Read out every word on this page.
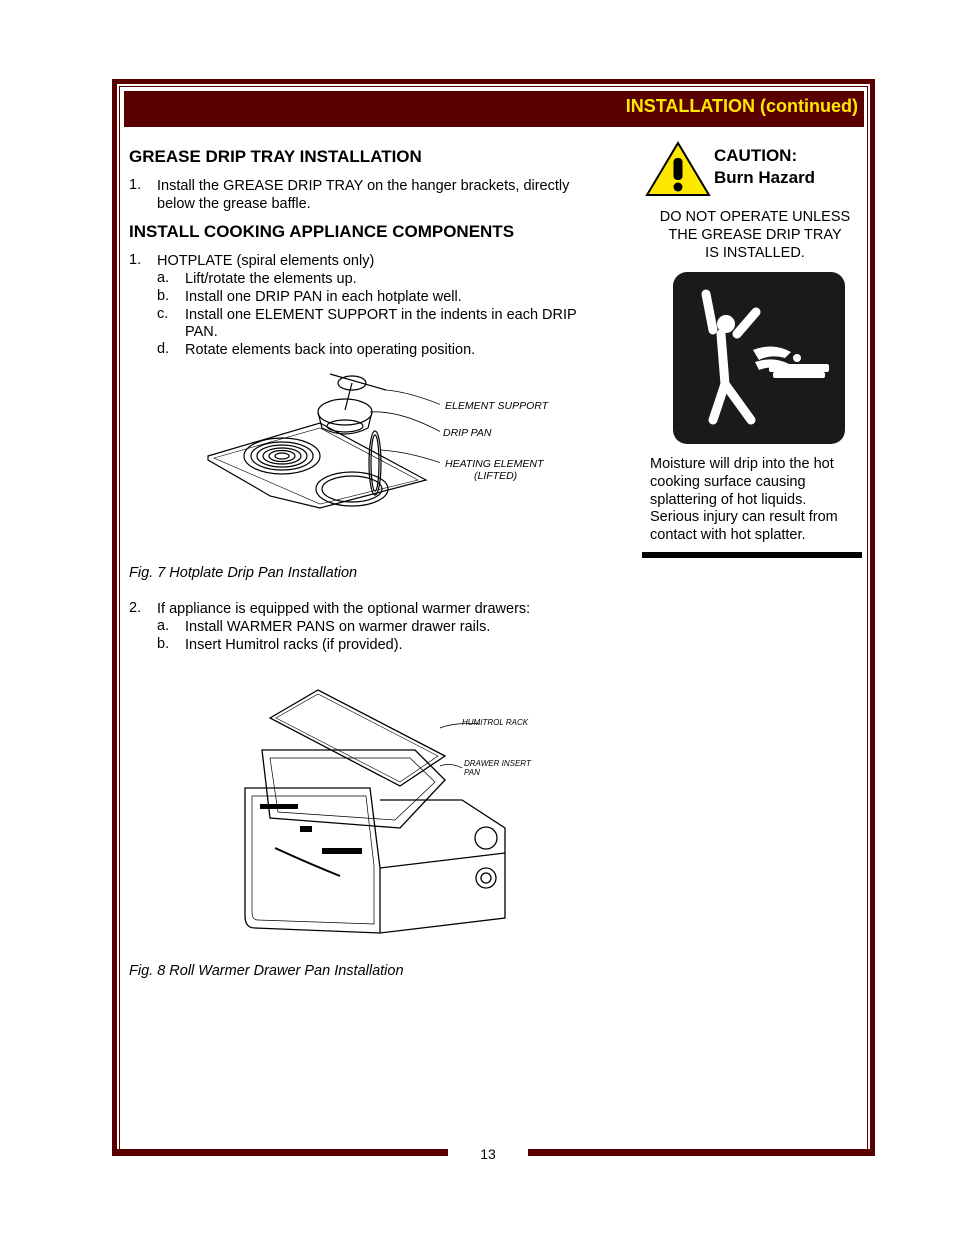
13
INSTALLATION (continued)
GREASE DRIP TRAY INSTALLATION
1. Install the GREASE DRIP TRAY on the hanger brackets, directly
below the grease baffle.
INSTALL COOKING APPLIANCE COMPONENTS
1. HOTPLATE (spiral elements only)
a. Lift/rotate the elements up.
b. Install one DRIP PAN in each hotplate well.
c. Install one ELEMENT SUPPORT in the indents in each DRIP
PAN.
d. Rotate elements back into operating position.
ELEMENT SUPPORT
DRIP PAN
HEATING ELEMENT
(LIFTED)
Fig. 7 Hotplate Drip Pan Installation
2. If appliance is equipped with the optional warmer drawers:
a. Install WARMER PANS on warmer drawer rails.
b. Insert Humitrol racks (if provided).
HUMITROL RACK
DRAWER INSERT
PAN
Fig. 8 Roll Warmer Drawer Pan Installation
CAUTION:
Burn Hazard
DO NOT OPERATE UNLESS
THE GREASE DRIP TRAY
IS INSTALLED.
Moisture will drip into the hot
cooking surface causing
splattering of hot liquids.
Serious injury can result from
contact with hot splatter.
